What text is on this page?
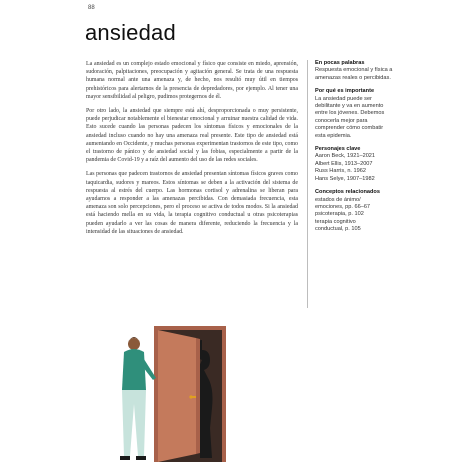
88
ansiedad

La ansiedad es un complejo estado emocional y físico que consiste en miedo, aprensión, sudoración, palpitaciones, preocupación y agitación general. Se trata de una respuesta humana normal ante una amenaza y, de hecho, nos resultó muy útil en tiempos prehistóricos para alertarnos de la presencia de depredadores, por ejemplo. Al tener una mayor sensibilidad al peligro, pudimos protegernos de él.

Por otro lado, la ansiedad que siempre está ahí, desproporcionada o muy persistente, puede perjudicar notablemente el bienestar emocional y arruinar nuestra calidad de vida. Esto sucede cuando las personas padecen los síntomas físicos y emocionales de la ansiedad incluso cuando no hay una amenaza real presente. Este tipo de ansiedad está aumentando en Occidente, y muchas personas experimentan trastornos de este tipo, como el trastorno de pánico y de ansiedad social y las fobias, especialmente a partir de la pandemia de Covid-19 y a raíz del aumento del uso de las redes sociales.

Las personas que padecen trastornos de ansiedad presentan síntomas físicos graves como taquicardia, sudores y mareos. Estos síntomas se deben a la activación del sistema de respuesta al estrés del cuerpo. Las hormonas cortisol y adrenalina se liberan para ayudarnos a responder a las amenazas percibidas. Con demasiada frecuencia, esta amenaza son solo percepciones, pero el proceso se activa de todos modos. Si la ansiedad está haciendo mella en su vida, la terapia cognitivo conductual u otras psicoterapias pueden ayudarlo a ver las cosas de manera diferente, reduciendo la frecuencia y la intensidad de las situaciones de ansiedad.

En pocas palabras
Respuesta emocional y física a amenazas reales o percibidas.
Por qué es importante
La ansiedad puede ser debilitante y va en aumento entre los jóvenes. Debemos conocerla mejor para comprender cómo combatir esta epidemia.
Personajes clave
Aaron Beck, 1921–2021
Albert Ellis, 1913–2007
Russ Harris, n. 1962
Hans Selye, 1907–1982
Conceptos relacionados
estados de ánimo/
emociones, pp. 66–67
psicoterapia, p. 102
terapia cognitivo
conductual, p. 105
